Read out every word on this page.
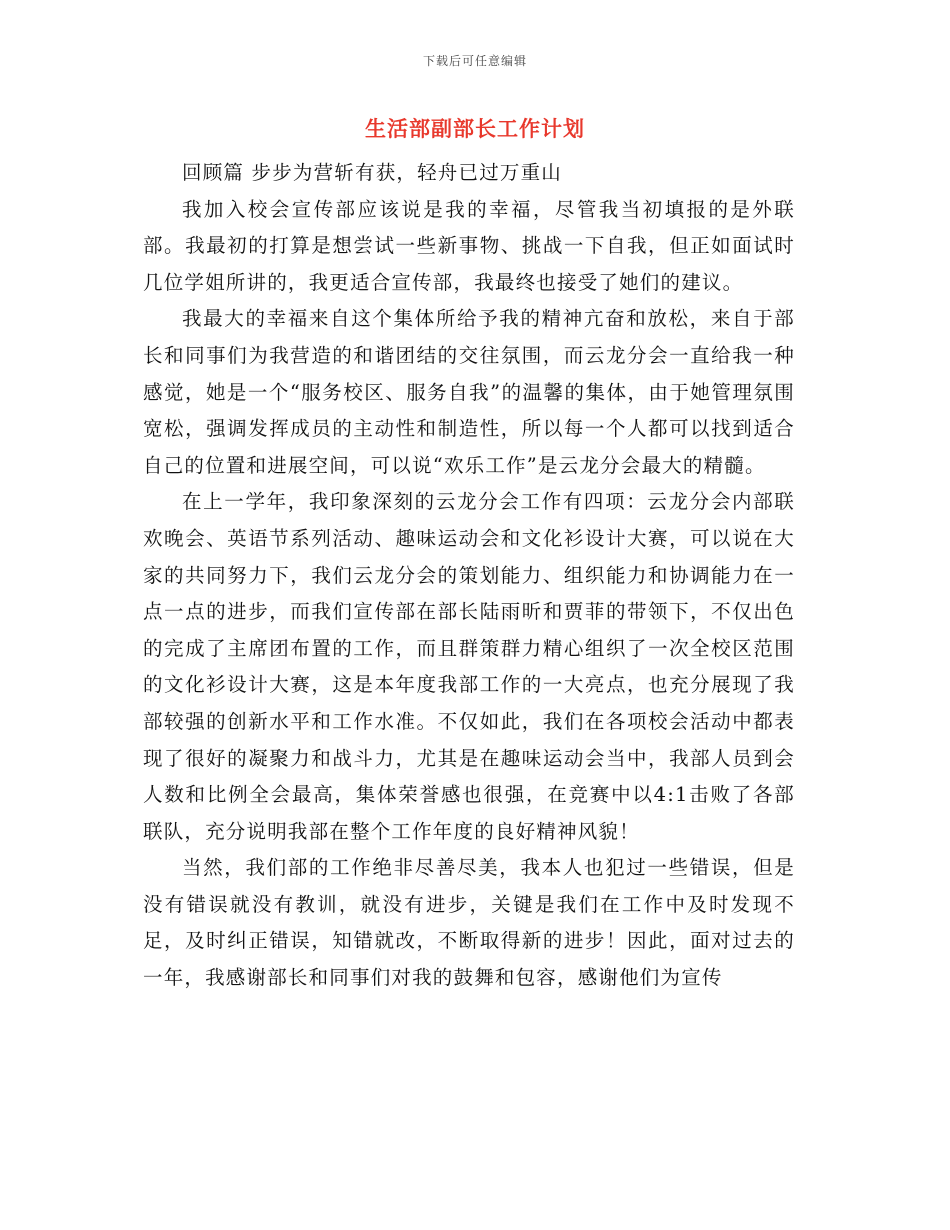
下载后可任意编辑
生活部副部长工作计划

回顾篇 步步为营斩有获，轻舟已过万重山

我加入校会宣传部应该说是我的幸福，尽管我当初填报的是外联部。我最初的打算是想尝试一些新事物、挑战一下自我，但正如面试时几位学姐所讲的，我更适合宣传部，我最终也接受了她们的建议。

我最大的幸福来自这个集体所给予我的精神亢奋和放松，来自于部长和同事们为我营造的和谐团结的交往氛围，而云龙分会一直给我一种感觉，她是一个“服务校区、服务自我”的温馨的集体，由于她管理氛围宽松，强调发挥成员的主动性和制造性，所以每一个人都可以找到适合自己的位置和进展空间，可以说“欢乐工作”是云龙分会最大的精髓。

在上一学年，我印象深刻的云龙分会工作有四项：云龙分会内部联欢晚会、英语节系列活动、趣味运动会和文化衫设计大赛，可以说在大家的共同努力下，我们云龙分会的策划能力、组织能力和协调能力在一点一点的进步，而我们宣传部在部长陆雨昕和贾菲的带领下，不仅出色的完成了主席团布置的工作，而且群策群力精心组织了一次全校区范围的文化衫设计大赛，这是本年度我部工作的一大亮点，也充分展现了我部较强的创新水平和工作水准。不仅如此，我们在各项校会活动中都表现了很好的凝聚力和战斗力，尤其是在趣味运动会当中，我部人员到会人数和比例全会最高，集体荣誉感也很强，在竞赛中以4:1击败了各部联队，充分说明我部在整个工作年度的良好精神风貌！

当然，我们部的工作绝非尽善尽美，我本人也犯过一些错误，但是没有错误就没有教训，就没有进步，关键是我们在工作中及时发现不足，及时纠正错误，知错就改，不断取得新的进步！因此，面对过去的一年，我感谢部长和同事们对我的鼓舞和包容，感谢他们为宣传
